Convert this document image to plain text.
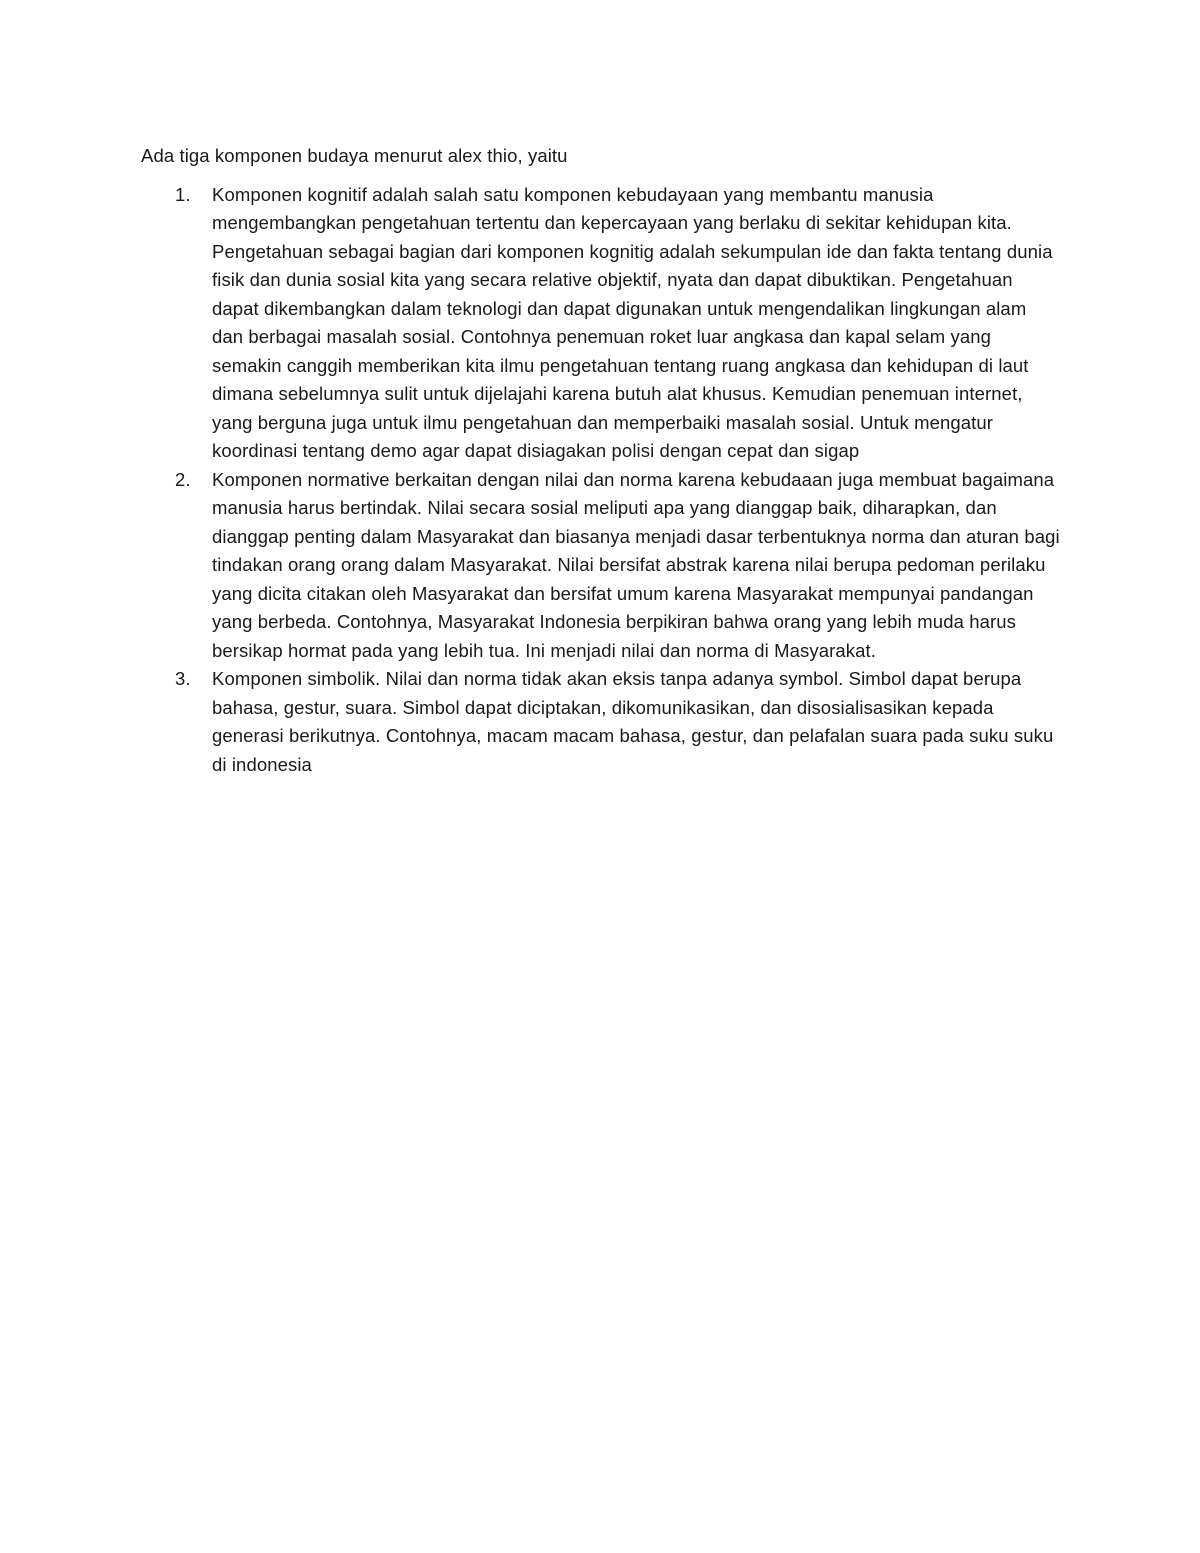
Ada tiga komponen budaya menurut alex thio, yaitu

1. Komponen kognitif adalah salah satu komponen kebudayaan yang membantu manusia mengembangkan pengetahuan tertentu dan kepercayaan yang berlaku di sekitar kehidupan kita. Pengetahuan sebagai bagian dari komponen kognitig adalah sekumpulan ide dan fakta tentang dunia fisik dan dunia sosial kita yang secara relative objektif, nyata dan dapat dibuktikan. Pengetahuan dapat dikembangkan dalam teknologi dan dapat digunakan untuk mengendalikan lingkungan alam dan berbagai masalah sosial. Contohnya penemuan roket luar angkasa dan kapal selam yang semakin canggih memberikan kita ilmu pengetahuan tentang ruang angkasa dan kehidupan di laut dimana sebelumnya sulit untuk dijelajahi karena butuh alat khusus. Kemudian penemuan internet, yang berguna juga untuk ilmu pengetahuan dan memperbaiki masalah sosial. Untuk mengatur koordinasi tentang demo agar dapat disiagakan polisi dengan cepat dan sigap
2. Komponen normative berkaitan dengan nilai dan norma karena kebudaaan juga membuat bagaimana manusia harus bertindak. Nilai secara sosial meliputi apa yang dianggap baik, diharapkan, dan dianggap penting dalam Masyarakat dan biasanya menjadi dasar terbentuknya norma dan aturan bagi tindakan orang orang dalam Masyarakat. Nilai bersifat abstrak karena nilai berupa pedoman perilaku yang dicita citakan oleh Masyarakat dan bersifat umum karena Masyarakat mempunyai pandangan yang berbeda. Contohnya, Masyarakat Indonesia berpikiran bahwa orang yang lebih muda harus bersikap hormat pada yang lebih tua. Ini menjadi nilai dan norma di Masyarakat.
3. Komponen simbolik. Nilai dan norma tidak akan eksis tanpa adanya symbol. Simbol dapat berupa bahasa, gestur, suara. Simbol dapat diciptakan, dikomunikasikan, dan disosialisasikan kepada generasi berikutnya. Contohnya, macam macam bahasa, gestur, dan pelafalan suara pada suku suku di indonesia
